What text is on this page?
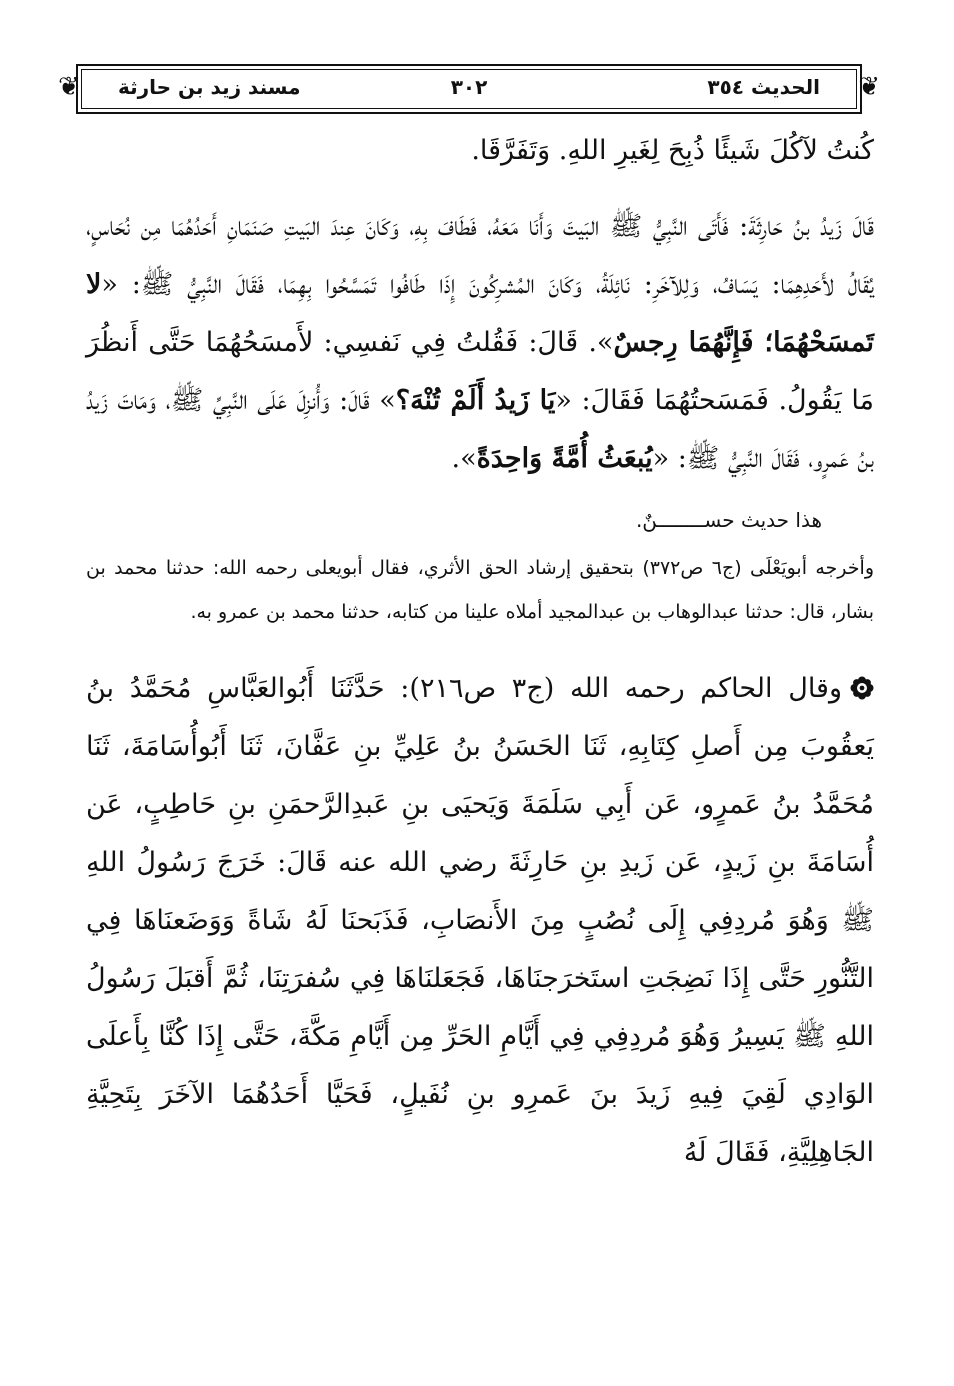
❦	الحديث ٣٥٤
٣٠٢
مسند زيد بن حارثة	❦

كُنتُ لآكُلَ شَيئًا ذُبِحَ لِغَيرِ اللهِ. وَتَفَرَّقَا.

قَالَ زَيدُ بنُ حَارِثَةَ: فَأَتَى النَّبِيُّ ﷺ البَيتَ وَأَنَا مَعَهُ، فَطَافَ بِهِ، وَكَانَ عِندَ البَيتِ صَنَمَانِ أَحَدُهُمَا مِن نُحَاسٍ، يُقَالُ لأَحَدِهِمَا: يَسَافُ، وَلِلآخَرِ: نَائِلَةُ، وَكَانَ المُشرِكُونَ إِذَا طَافُوا تَمَسَّحُوا بِهِمَا، فَقَالَ النَّبِيُّ ﷺ: «لا تَمسَحْهُمَا؛ فَإِنَّهُمَا رِجسٌ». قَالَ: فَقُلتُ فِي نَفسِي: لأَمسَحُهُمَا حَتَّى أَنظُرَ مَا يَقُولُ. فَمَسَحتُهُمَا فَقَالَ: «يَا زَيدُ أَلَمْ تُنْهَ؟» قَالَ: وَأُنزِلَ عَلَى النَّبِيِّ ﷺ، وَمَاتَ زَيدُ بنُ عَمرٍو، فَقَالَ النَّبِيُّ ﷺ: «يُبعَثُ أُمَّةً وَاحِدَةً».

هذا حديث حســــــــنٌ.

وأخرجه أبويَعْلَى (ج٦ ص٣٧٢) بتحقيق إرشاد الحق الأثري، فقال أبويعلى رحمه الله: حدثنا محمد بن بشار، قال: حدثنا عبدالوهاب بن عبدالمجيد أملاه علينا من كتابه، حدثنا محمد بن عمرو به.

وقال الحاكم رحمه الله (ج٣ ص٢١٦): حَدَّثَنَا أَبُوالعَبَّاسِ مُحَمَّدُ بنُ يَعقُوبَ مِن أَصلِ كِتَابِهِ، ثَنَا الحَسَنُ بنُ عَلِيِّ بنِ عَفَّانَ، ثَنَا أَبُوأُسَامَةَ، ثَنَا مُحَمَّدُ بنُ عَمرٍو، عَن أَبِي سَلَمَةَ وَيَحيَى بنِ عَبدِالرَّحمَنِ بنِ حَاطِبٍ، عَن أُسَامَةَ بنِ زَيدٍ، عَن زَيدِ بنِ حَارِثَةَ رضي الله عنه قَالَ: خَرَجَ رَسُولُ اللهِ ﷺ وَهُوَ مُردِفِي إِلَى نُصُبٍ مِنَ الأَنصَابِ، فَذَبَحنَا لَهُ شَاةً وَوَضَعنَاهَا فِي التَّنُّورِ حَتَّى إِذَا نَضِجَتِ استَخرَجنَاهَا، فَجَعَلنَاهَا فِي سُفرَتِنَا، ثُمَّ أَقبَلَ رَسُولُ اللهِ ﷺ يَسِيرُ وَهُوَ مُردِفِي فِي أَيَّامِ الحَرِّ مِن أَيَّامِ مَكَّةَ، حَتَّى إِذَا كُنَّا بِأَعلَى الوَادِي لَقِيَ فِيهِ زَيدَ بنَ عَمرِو بنِ نُفَيلٍ، فَحَيَّا أَحَدُهُمَا الآخَرَ بِتَحِيَّةِ الجَاهِلِيَّةِ، فَقَالَ لَهُ
